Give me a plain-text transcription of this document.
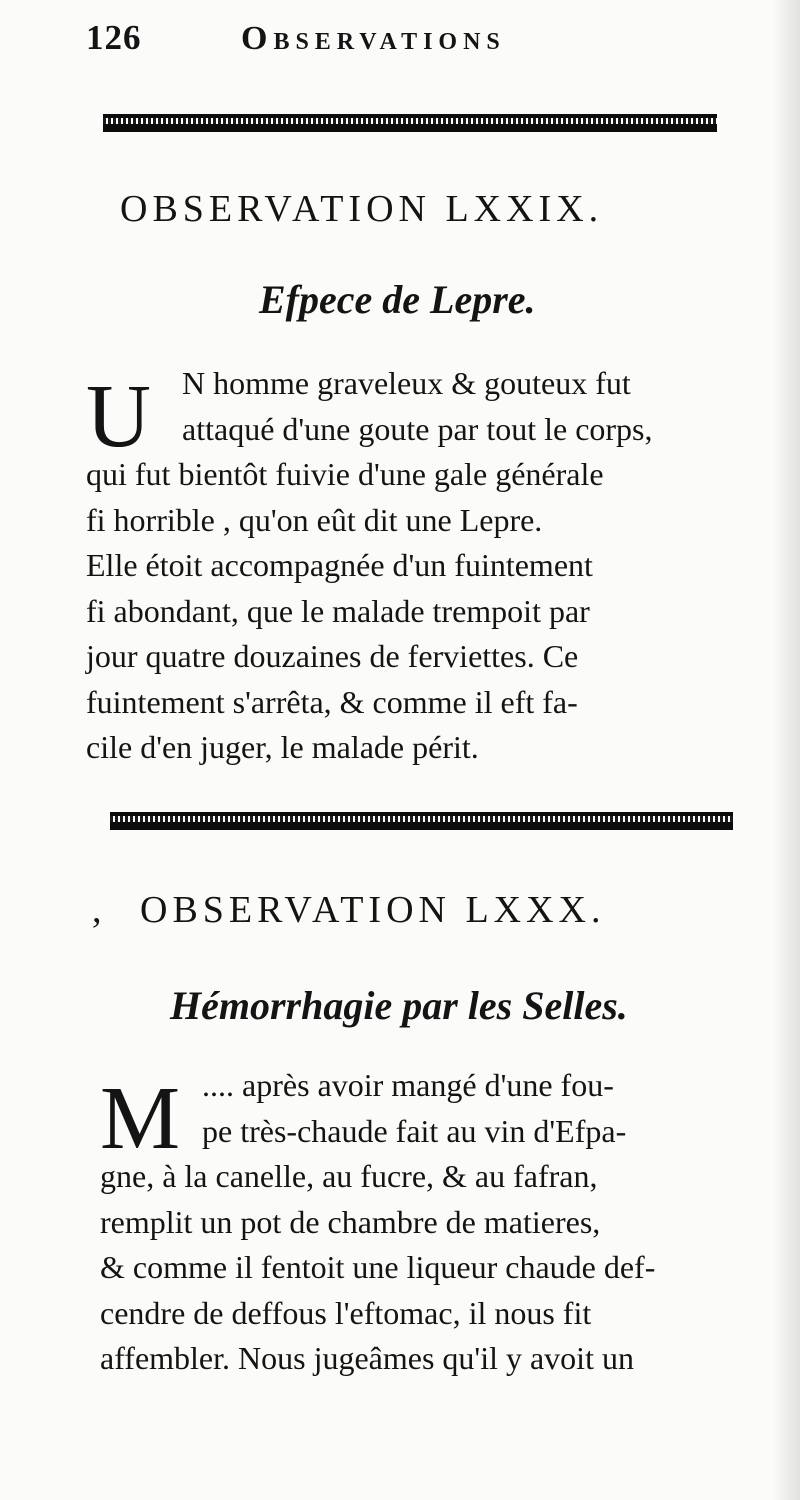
126	Observations
OBSERVATION LXXIX.
Efpece de Lepre.
U N homme graveleux & gouteux fut
attaqué d'une goute par tout le corps,
qui fut bientôt fuivie d'une gale générale
fi horrible , qu'on eût dit une Lepre.
Elle étoit accompagnée d'un fuintement
fi abondant, que le malade trempoit par
jour quatre douzaines de ferviettes. Ce
fuintement s'arrêta, & comme il eft fa-
cile d'en juger, le malade périt.
, OBSERVATION LXXX.
Hémorrhagie par les Selles.
M .... après avoir mangé d'une fou-
pe très-chaude fait au vin d'Efpa-
gne, à la canelle, au fucre, & au fafran,
remplit un pot de chambre de matieres,
& comme il fentoit une liqueur chaude def-
cendre de deffous l'eftomac, il nous fit
affembler. Nous jugeâmes qu'il y avoit un
